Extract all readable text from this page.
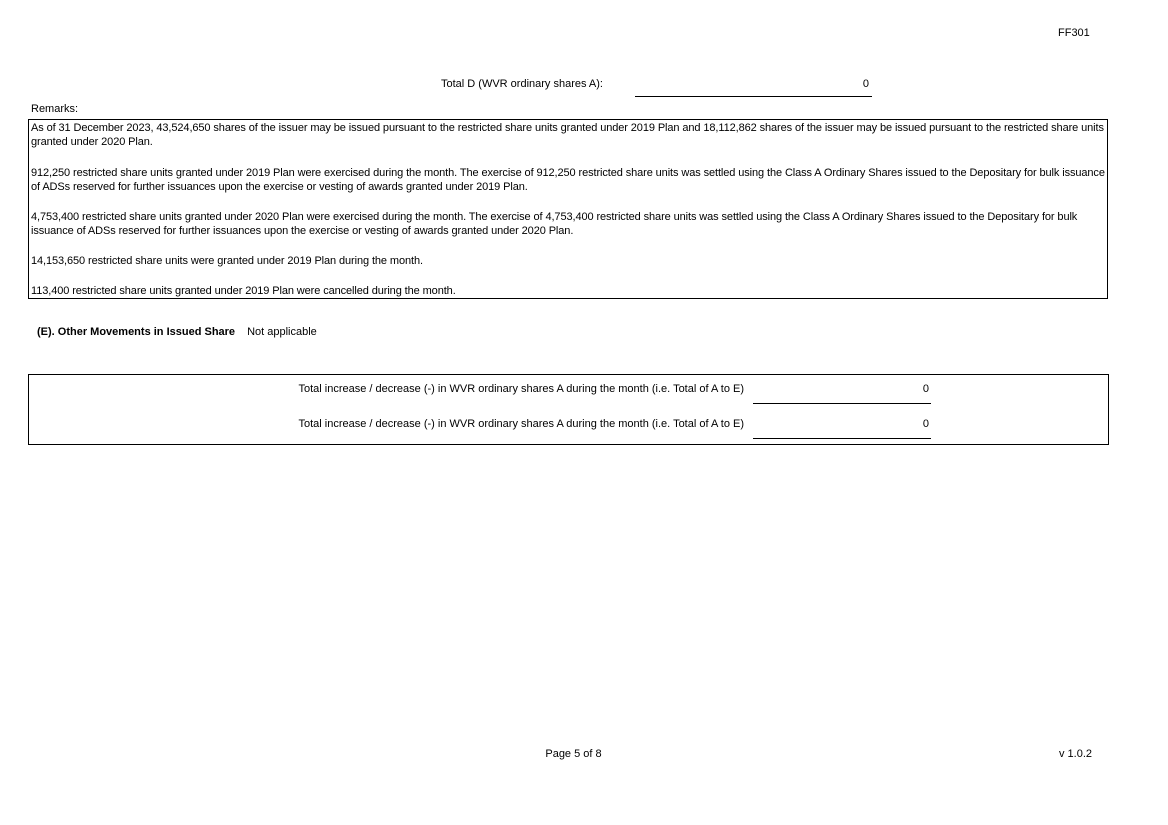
FF301
Total D (WVR ordinary shares A):	0
Remarks:
As of 31 December 2023, 43,524,650 shares of the issuer may be issued pursuant to the restricted share units granted under 2019 Plan and 18,112,862 shares of the issuer may be issued pursuant to the restricted share units granted under 2020 Plan.
912,250 restricted share units granted under 2019 Plan were exercised during the month. The exercise of 912,250 restricted share units was settled using the Class A Ordinary Shares issued to the Depositary for bulk issuance of ADSs reserved for further issuances upon the exercise or vesting of awards granted under 2019 Plan.
4,753,400 restricted share units granted under 2020 Plan were exercised during the month. The exercise of 4,753,400 restricted share units was settled using the Class A Ordinary Shares issued to the Depositary for bulk issuance of ADSs reserved for further issuances upon the exercise or vesting of awards granted under 2020 Plan.
14,153,650 restricted share units were granted under 2019 Plan during the month.
113,400 restricted share units granted under 2019 Plan were cancelled during the month.
(E). Other Movements in Issued Share Not applicable
Total increase / decrease (-) in WVR ordinary shares A during the month (i.e. Total of A to E)	0
Total increase / decrease (-) in WVR ordinary shares A during the month (i.e. Total of A to E)	0
Page 5 of 8	v 1.0.2
